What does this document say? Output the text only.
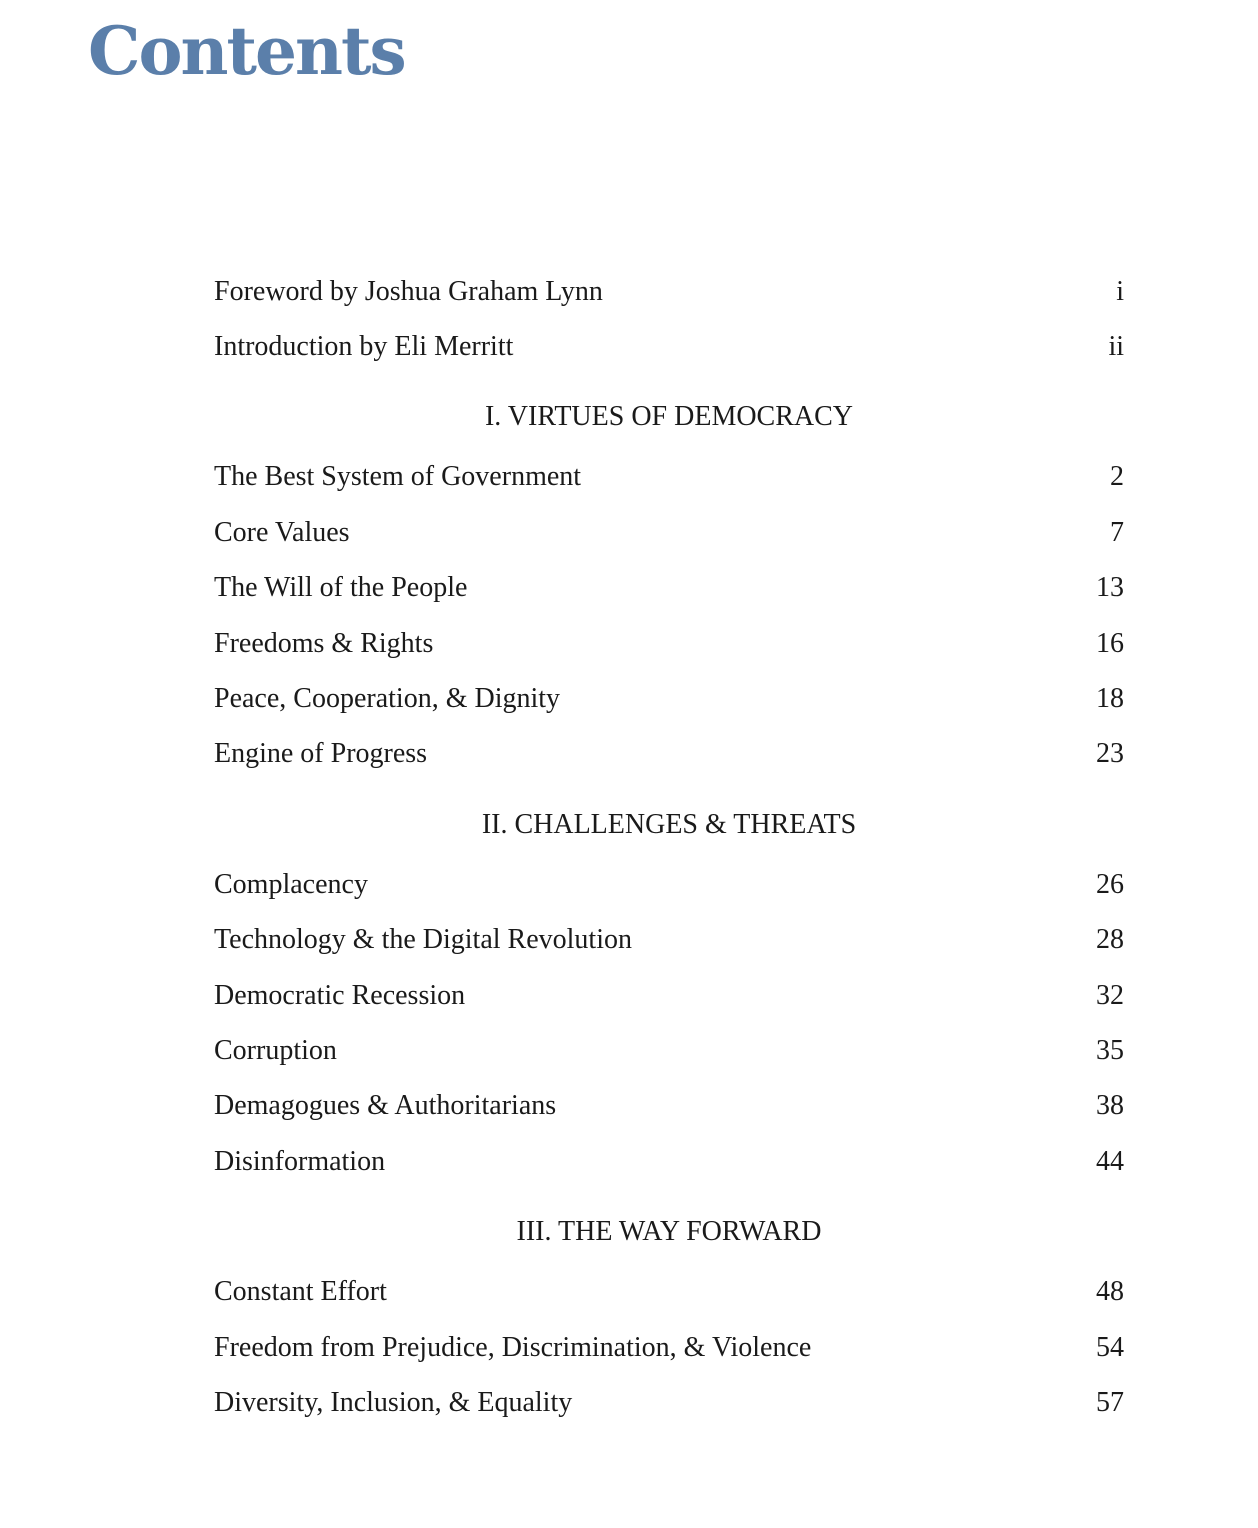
Contents
Foreword by Joshua Graham Lynn	i
Introduction by Eli Merritt	ii
I. VIRTUES OF DEMOCRACY
The Best System of Government	2
Core Values	7
The Will of the People	13
Freedoms & Rights	16
Peace, Cooperation, & Dignity	18
Engine of Progress	23
II. CHALLENGES & THREATS
Complacency	26
Technology & the Digital Revolution	28
Democratic Recession	32
Corruption	35
Demagogues & Authoritarians	38
Disinformation	44
III. THE WAY FORWARD
Constant Effort	48
Freedom from Prejudice, Discrimination, & Violence	54
Diversity, Inclusion, & Equality	57
